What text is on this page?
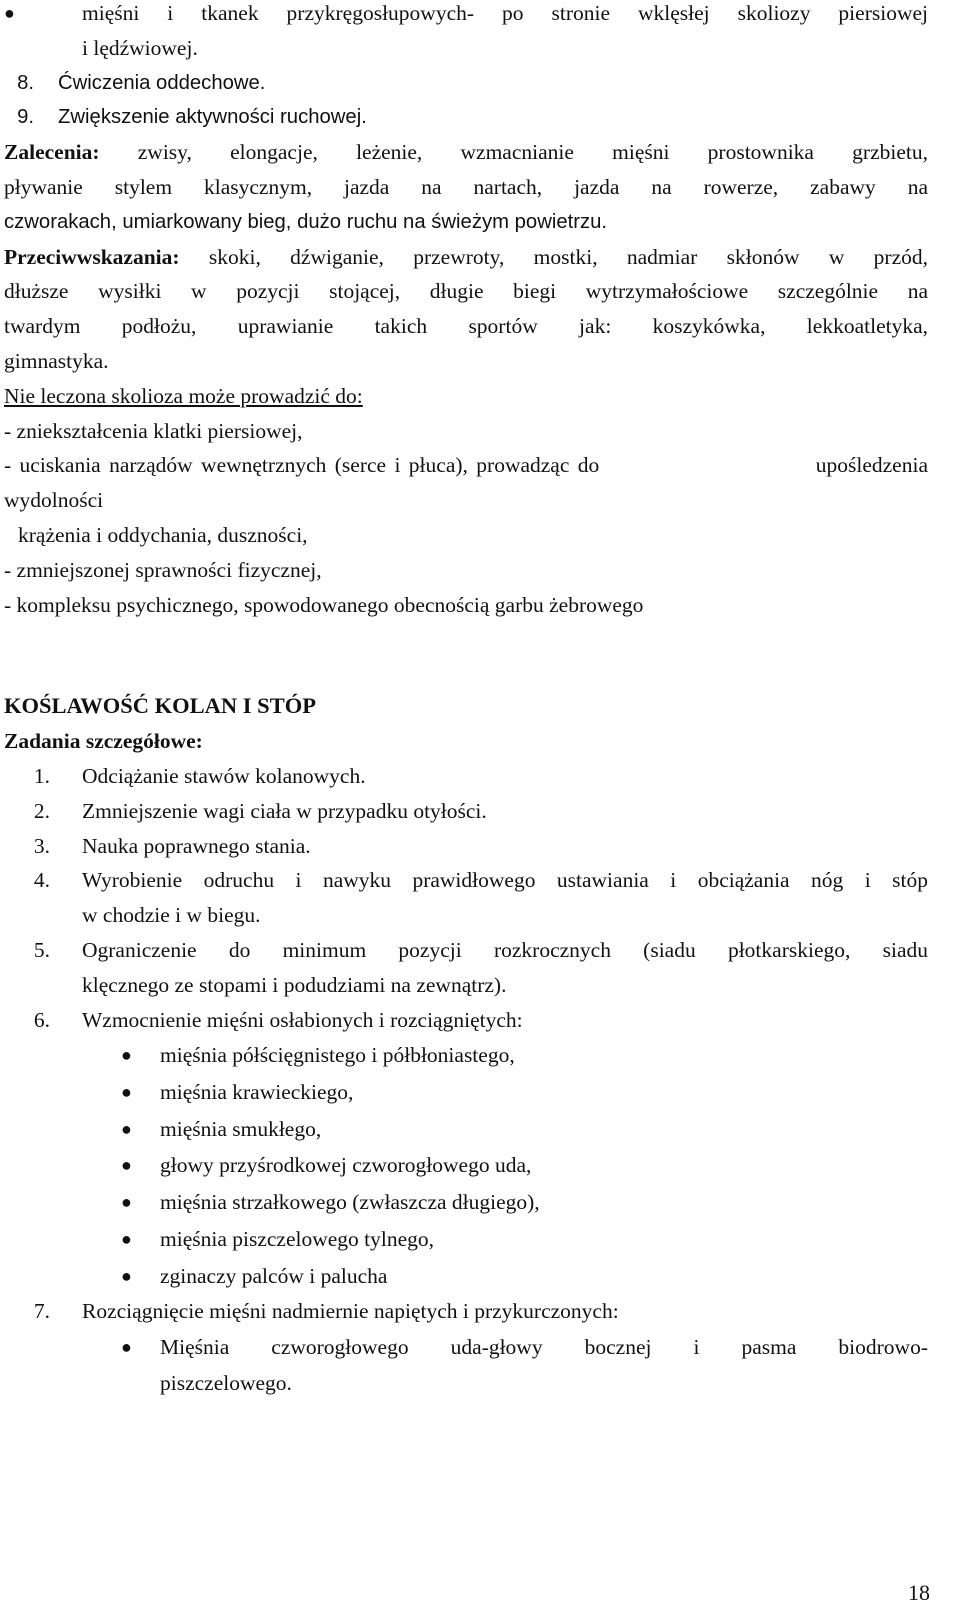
●	mięśni i tkanek przykręgosłupowych- po stronie wklęsłej skoliozy piersiowej
i lędźwiowej.
8. Ćwiczenia oddechowe.
9. Zwiększenie aktywności ruchowej.
Zalecenia: zwisy, elongacje, leżenie, wzmacnianie mięśni prostownika grzbietu,
pływanie stylem klasycznym, jazda na nartach, jazda na rowerze, zabawy na
czworakach, umiarkowany bieg, dużo ruchu na świeżym powietrzu.
Przeciwwskazania: skoki, dźwiganie, przewroty, mostki, nadmiar skłonów w przód,
dłuższe wysiłki w pozycji stojącej, długie biegi wytrzymałościowe szczególnie na
twardym podłożu, uprawianie takich sportów jak: koszykówka, lekkoatletyka,
gimnastyka.
Nie leczona skolioza może prowadzić do:
- zniekształcenia klatki piersiowej,
- uciskania narządów wewnętrznych (serce i płuca), prowadząc do	upośledzenia
wydolności
krążenia i oddychania, duszności,
- zmniejszonej sprawności fizycznej,
- kompleksu psychicznego, spowodowanego obecnością garbu żebrowego
KOŚLAWOŚĆ KOLAN I STÓP
Zadania szczegółowe:
1. Odciążanie stawów kolanowych.
2. Zmniejszenie wagi ciała w przypadku otyłości.
3. Nauka poprawnego stania.
4.	Wyrobienie odruchu i nawyku prawidłowego ustawiania i obciążania nóg i stóp
w chodzie i w biegu.
5.	Ograniczenie do minimum pozycji rozkrocznych (siadu płotkarskiego, siadu
klęcznego ze stopami i podudziami na zewnątrz).
6. Wzmocnienie mięśni osłabionych i rozciągniętych:
●	mięśnia półścięgnistego i półbłoniastego,
●	mięśnia krawieckiego,
●	mięśnia smukłego,
●	głowy przyśrodkowej czworogłowego uda,
●	mięśnia strzałkowego (zwłaszcza długiego),
●	mięśnia piszczelowego tylnego,
●	zginaczy palców i palucha
7. Rozciągnięcie mięśni nadmiernie napiętych i przykurczonych:
●	Mięśnia czworogłowego uda-głowy bocznej i pasma biodrowo-
piszczelowego.
18
